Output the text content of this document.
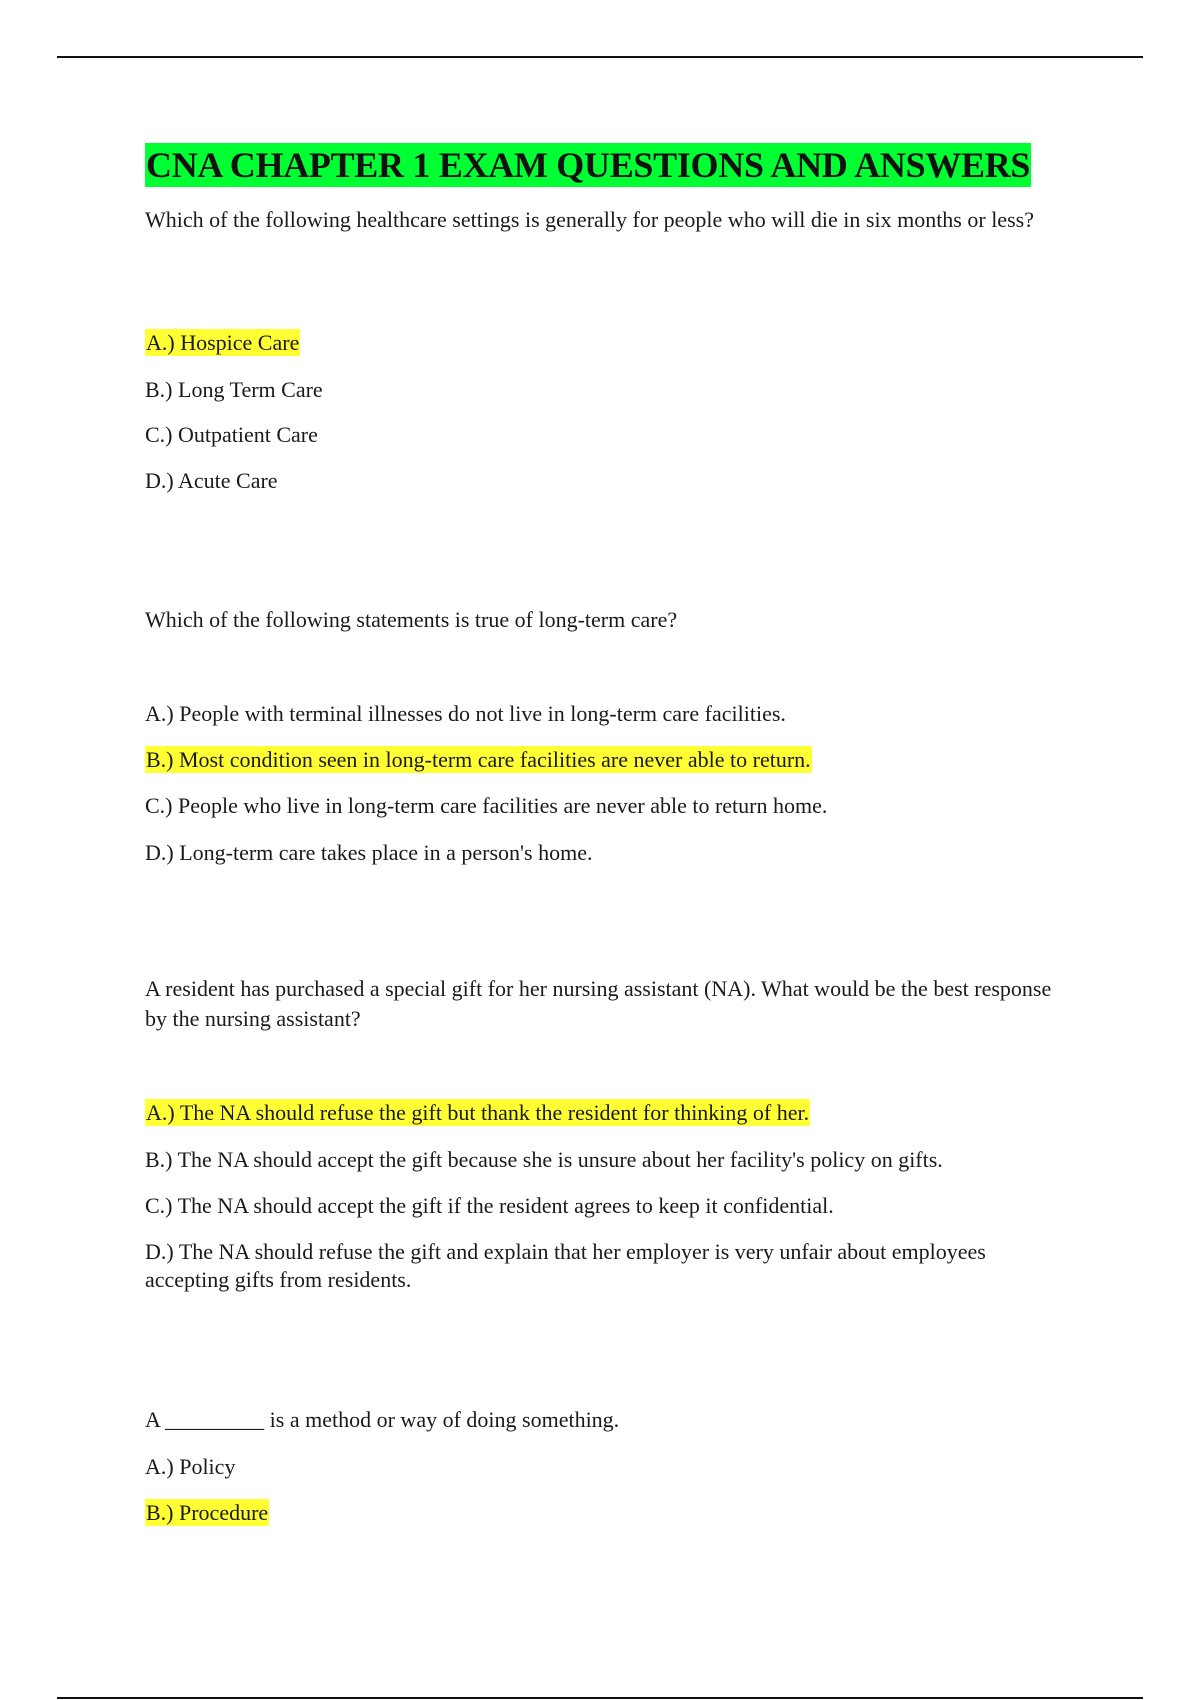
CNA CHAPTER 1 EXAM QUESTIONS AND ANSWERS

Which of the following healthcare settings is generally for people who will die in six months or less?

A.) Hospice Care

B.) Long Term Care

C.) Outpatient Care

D.) Acute Care

Which of the following statements is true of long-term care?

A.) People with terminal illnesses do not live in long-term care facilities.

B.) Most condition seen in long-term care facilities are never able to return.

C.) People who live in long-term care facilities are never able to return home.

D.) Long-term care takes place in a person's home.

A resident has purchased a special gift for her nursing assistant (NA). What would be the best response by the nursing assistant?

A.) The NA should refuse the gift but thank the resident for thinking of her.

B.) The NA should accept the gift because she is unsure about her facility's policy on gifts.

C.) The NA should accept the gift if the resident agrees to keep it confidential.

D.) The NA should refuse the gift and explain that her employer is very unfair about employees accepting gifts from residents.

A _________ is a method or way of doing something.

A.) Policy

B.) Procedure
